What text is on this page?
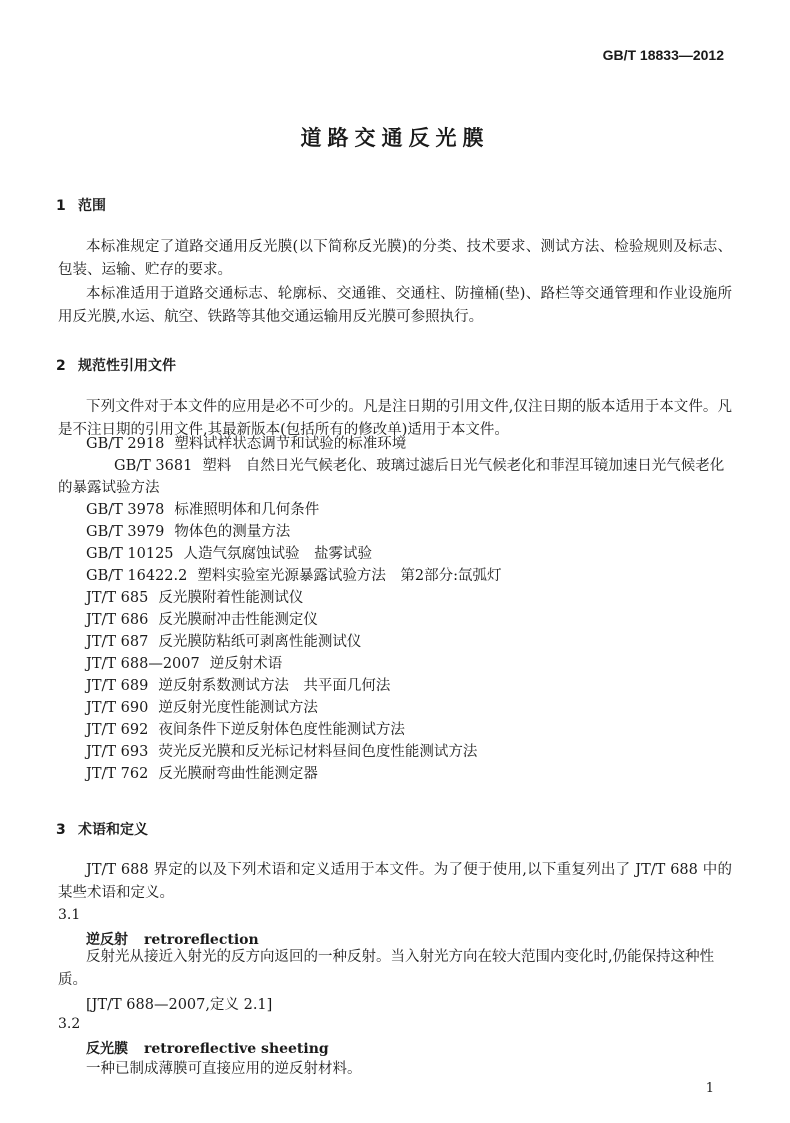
GB/T 18833—2012
道路交通反光膜
1 范围
本标准规定了道路交通用反光膜(以下简称反光膜)的分类、技术要求、测试方法、检验规则及标志、包装、运输、贮存的要求。
本标准适用于道路交通标志、轮廓标、交通锥、交通柱、防撞桶(垫)、路栏等交通管理和作业设施所用反光膜,水运、航空、铁路等其他交通运输用反光膜可参照执行。
2 规范性引用文件
下列文件对于本文件的应用是必不可少的。凡是注日期的引用文件,仅注日期的版本适用于本文件。凡是不注日期的引用文件,其最新版本(包括所有的修改单)适用于本文件。
GB/T 2918 塑料试样状态调节和试验的标准环境
GB/T 3681 塑料　自然日光气候老化、玻璃过滤后日光气候老化和菲涅耳镜加速日光气候老化的暴露试验方法
GB/T 3978 标准照明体和几何条件
GB/T 3979 物体色的测量方法
GB/T 10125 人造气氛腐蚀试验　盐雾试验
GB/T 16422.2 塑料实验室光源暴露试验方法　第2部分:氙弧灯
JT/T 685 反光膜附着性能测试仪
JT/T 686 反光膜耐冲击性能测定仪
JT/T 687 反光膜防粘纸可剥离性能测试仪
JT/T 688—2007 逆反射术语
JT/T 689 逆反射系数测试方法　共平面几何法
JT/T 690 逆反射光度性能测试方法
JT/T 692 夜间条件下逆反射体色度性能测试方法
JT/T 693 荧光反光膜和反光标记材料昼间色度性能测试方法
JT/T 762 反光膜耐弯曲性能测定器
3 术语和定义
JT/T 688 界定的以及下列术语和定义适用于本文件。为了便于使用,以下重复列出了 JT/T 688 中的某些术语和定义。
3.1
逆反射 retroreflection
反射光从接近入射光的反方向返回的一种反射。当入射光方向在较大范围内变化时,仍能保持这种性质。
[JT/T 688—2007,定义 2.1]
3.2
反光膜 retroreflective sheeting
一种已制成薄膜可直接应用的逆反射材料。
1
